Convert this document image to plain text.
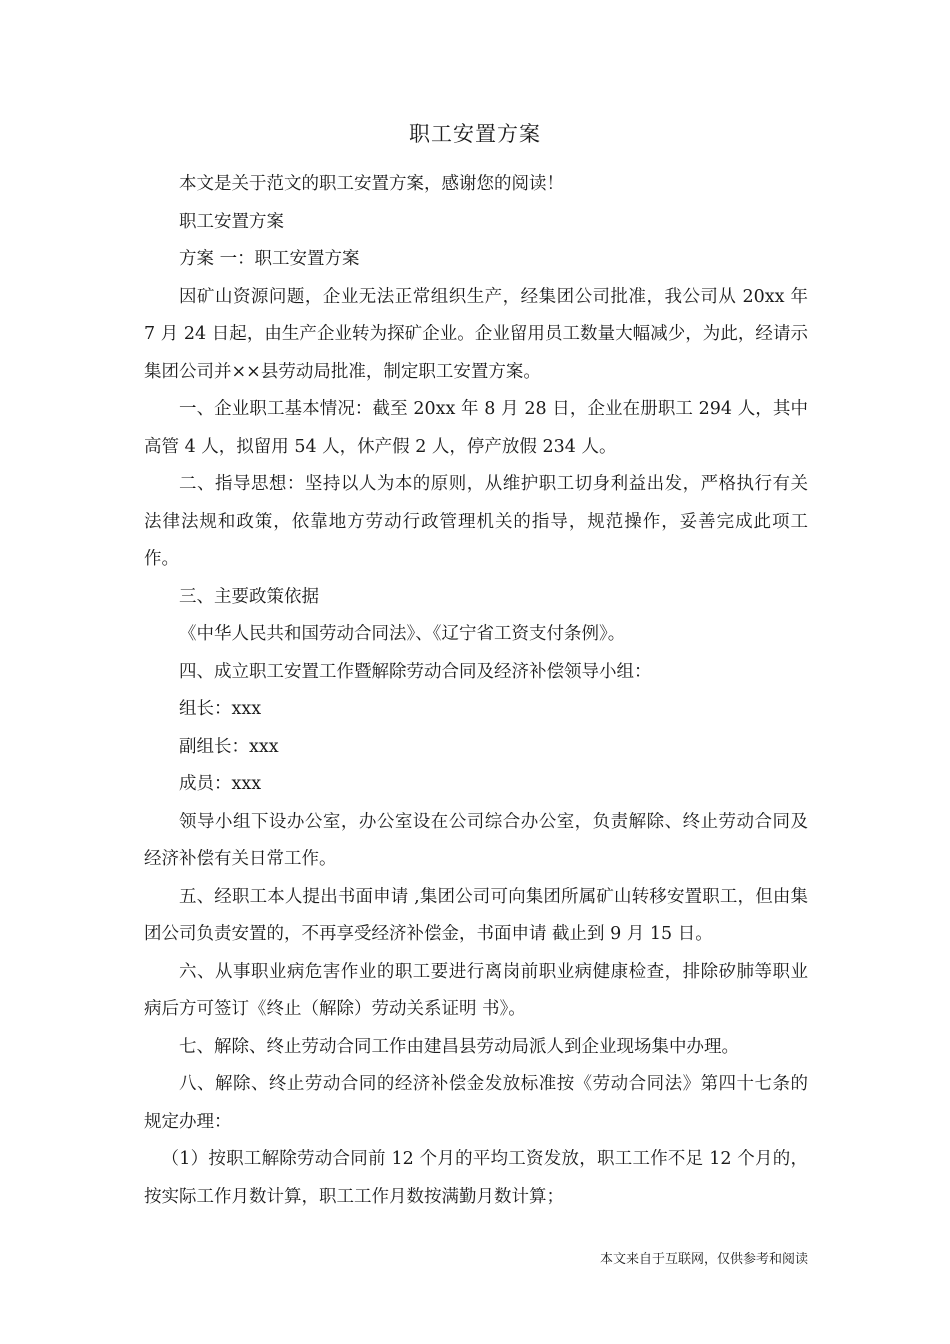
职工安置方案

本文是关于范文的职工安置方案，感谢您的阅读！

职工安置方案

方案 一：职工安置方案

因矿山资源问题，企业无法正常组织生产，经集团公司批准，我公司从 20xx 年 7 月 24 日起，由生产企业转为探矿企业。企业留用员工数量大幅减少，为此，经请示集团公司并××县劳动局批准，制定职工安置方案。

一、企业职工基本情况：截至 20xx 年 8 月 28 日，企业在册职工 294 人，其中高管 4 人，拟留用 54 人，休产假 2 人，停产放假 234 人。

二、指导思想：坚持以人为本的原则，从维护职工切身利益出发，严格执行有关法律法规和政策，依靠地方劳动行政管理机关的指导，规范操作，妥善完成此项工作。

三、主要政策依据

《中华人民共和国劳动合同法》、《辽宁省工资支付条例》。

四、成立职工安置工作暨解除劳动合同及经济补偿领导小组：

组长：xxx

副组长：xxx

成员：xxx

领导小组下设办公室，办公室设在公司综合办公室，负责解除、终止劳动合同及经济补偿有关日常工作。

五、经职工本人提出书面申请 ,集团公司可向集团所属矿山转移安置职工，但由集团公司负责安置的，不再享受经济补偿金，书面申请 截止到 9 月 15 日。

六、从事职业病危害作业的职工要进行离岗前职业病健康检查，排除矽肺等职业病后方可签订《终止（解除）劳动关系证明 书》。

七、解除、终止劳动合同工作由建昌县劳动局派人到企业现场集中办理。

八、解除、终止劳动合同的经济补偿金发放标准按《劳动合同法》第四十七条的规定办理：

（1）按职工解除劳动合同前 12 个月的平均工资发放，职工工作不足 12 个月的，按实际工作月数计算，职工工作月数按满勤月数计算；

本文来自于互联网，仅供参考和阅读
